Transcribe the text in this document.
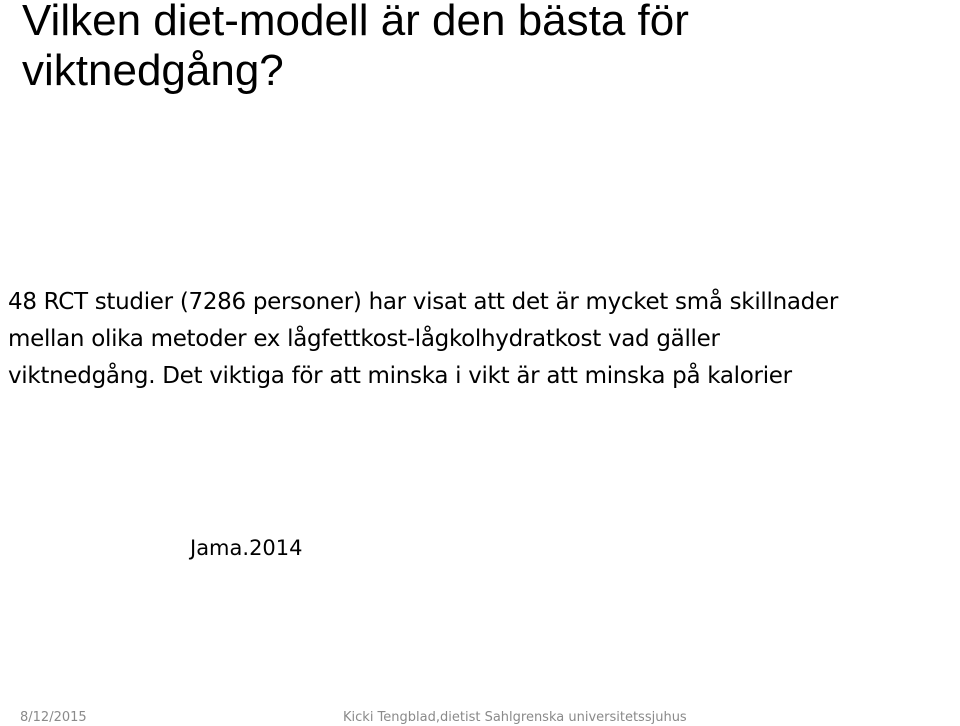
Vilken diet-modell är den bästa för
viktnedgång?

48 RCT studier (7286 personer) har visat att det är mycket små skillnader
mellan olika metoder ex lågfettkost-lågkolhydratkost vad gäller
viktnedgång. Det viktiga för att minska i vikt är att minska på kalorier

Jama.2014
8/12/2015	Kicki Tengblad,dietist Sahlgrenska universitetssjuhus
